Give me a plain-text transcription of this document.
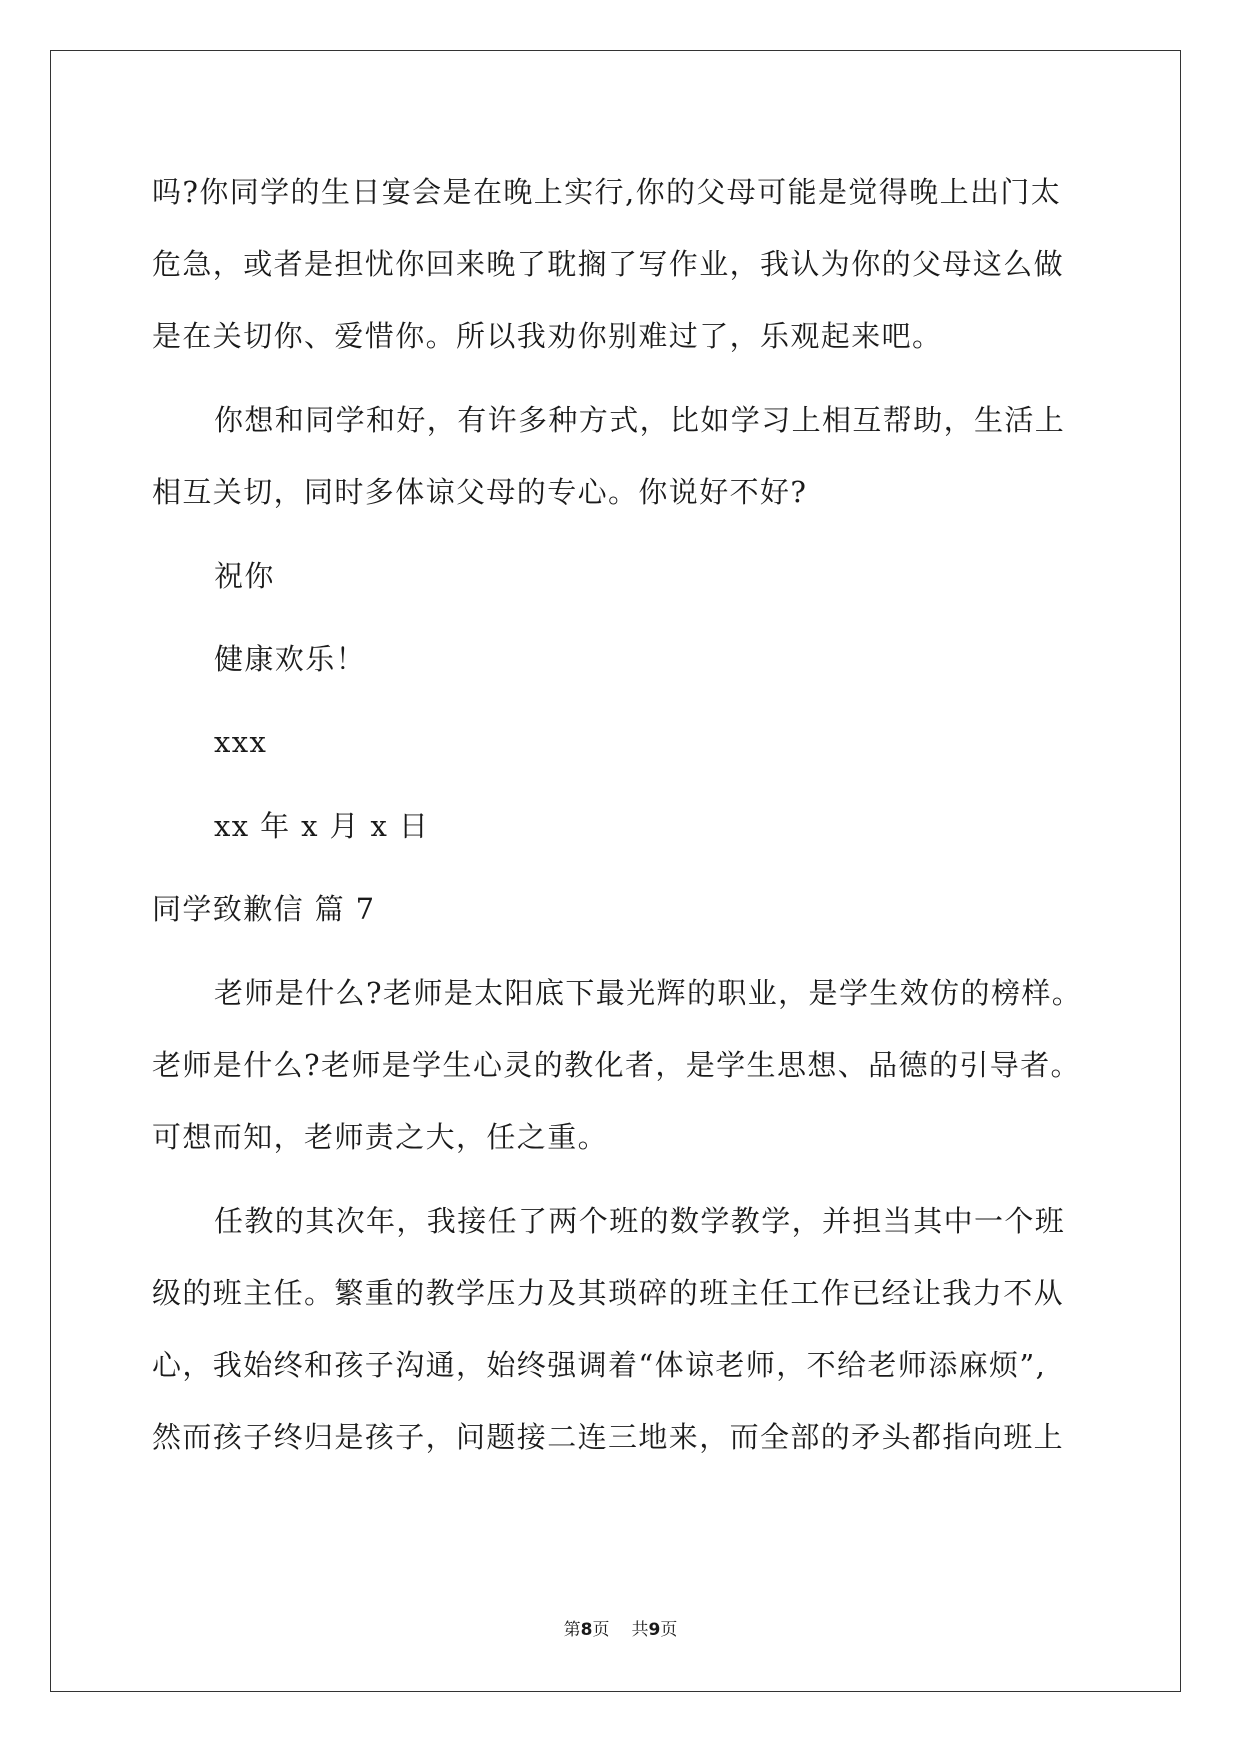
吗?你同学的生日宴会是在晚上实行,你的父母可能是觉得晚上出门太
危急，或者是担忧你回来晚了耽搁了写作业，我认为你的父母这么做
是在关切你、爱惜你。所以我劝你别难过了，乐观起来吧。
你想和同学和好，有许多种方式，比如学习上相互帮助，生活上
相互关切，同时多体谅父母的专心。你说好不好?
祝你
健康欢乐！
xxx
xx 年 x 月 x 日
同学致歉信 篇 7
老师是什么?老师是太阳底下最光辉的职业，是学生效仿的榜样。
老师是什么?老师是学生心灵的教化者，是学生思想、品德的引导者。
可想而知，老师责之大，任之重。
任教的其次年，我接任了两个班的数学教学，并担当其中一个班
级的班主任。繁重的教学压力及其琐碎的班主任工作已经让我力不从
心，我始终和孩子沟通，始终强调着“体谅老师，不给老师添麻烦”,
然而孩子终归是孩子，问题接二连三地来，而全部的矛头都指向班上
第8页 共9页
